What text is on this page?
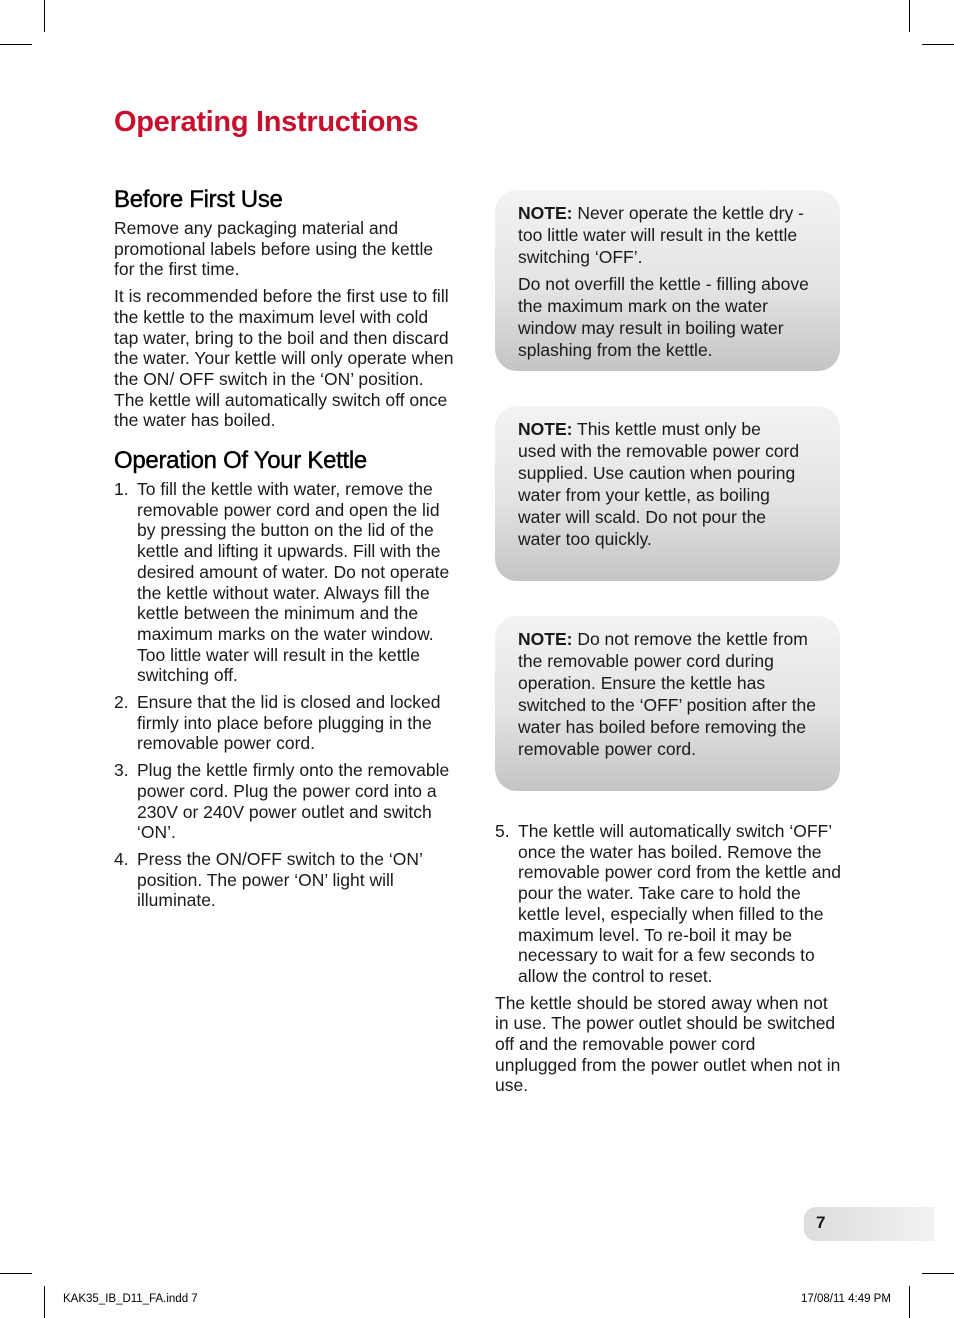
Operating Instructions
Before First Use

Remove any packaging material and promotional labels before using the kettle for the first time.

It is recommended before the first use to fill the kettle to the maximum level with cold tap water, bring to the boil and then discard the water. Your kettle will only operate when the ON/ OFF switch in the ‘ON’ position. The kettle will automatically switch off once the water has boiled.

Operation Of Your Kettle
1. To fill the kettle with water, remove the removable power cord and open the lid by pressing the button on the lid of the kettle and lifting it upwards. Fill with the desired amount of water. Do not operate the kettle without water. Always fill the kettle between the minimum and the maximum marks on the water window. Too little water will result in the kettle switching off.
2. Ensure that the lid is closed and locked firmly into place before plugging in the removable power cord.
3. Plug the kettle firmly onto the removable power cord. Plug the power cord into a 230V or 240V power outlet and switch ‘ON’.
4. Press the ON/OFF switch to the ‘ON’ position. The power ‘ON’ light will illuminate.

NOTE: Never operate the kettle dry - too little water will result in the kettle switching ‘OFF’.

Do not overfill the kettle - filling above the maximum mark on the water window may result in boiling water splashing from the kettle.

NOTE: This kettle must only be used with the removable power cord supplied. Use caution when pouring water from your kettle, as boiling water will scald. Do not pour the water too quickly.

NOTE: Do not remove the kettle from the removable power cord during operation. Ensure the kettle has switched to the ‘OFF’ position after the water has boiled before removing the removable power cord.

5. The kettle will automatically switch ‘OFF’ once the water has boiled. Remove the removable power cord from the kettle and pour the water. Take care to hold the kettle level, especially when filled to the maximum level. To re-boil it may be necessary to wait for a few seconds to allow the control to reset.

The kettle should be stored away when not in use. The power outlet should be switched off and the removable power cord unplugged from the power outlet when not in use.

7
KAK35_IB_D11_FA.indd 7	17/08/11 4:49 PM
